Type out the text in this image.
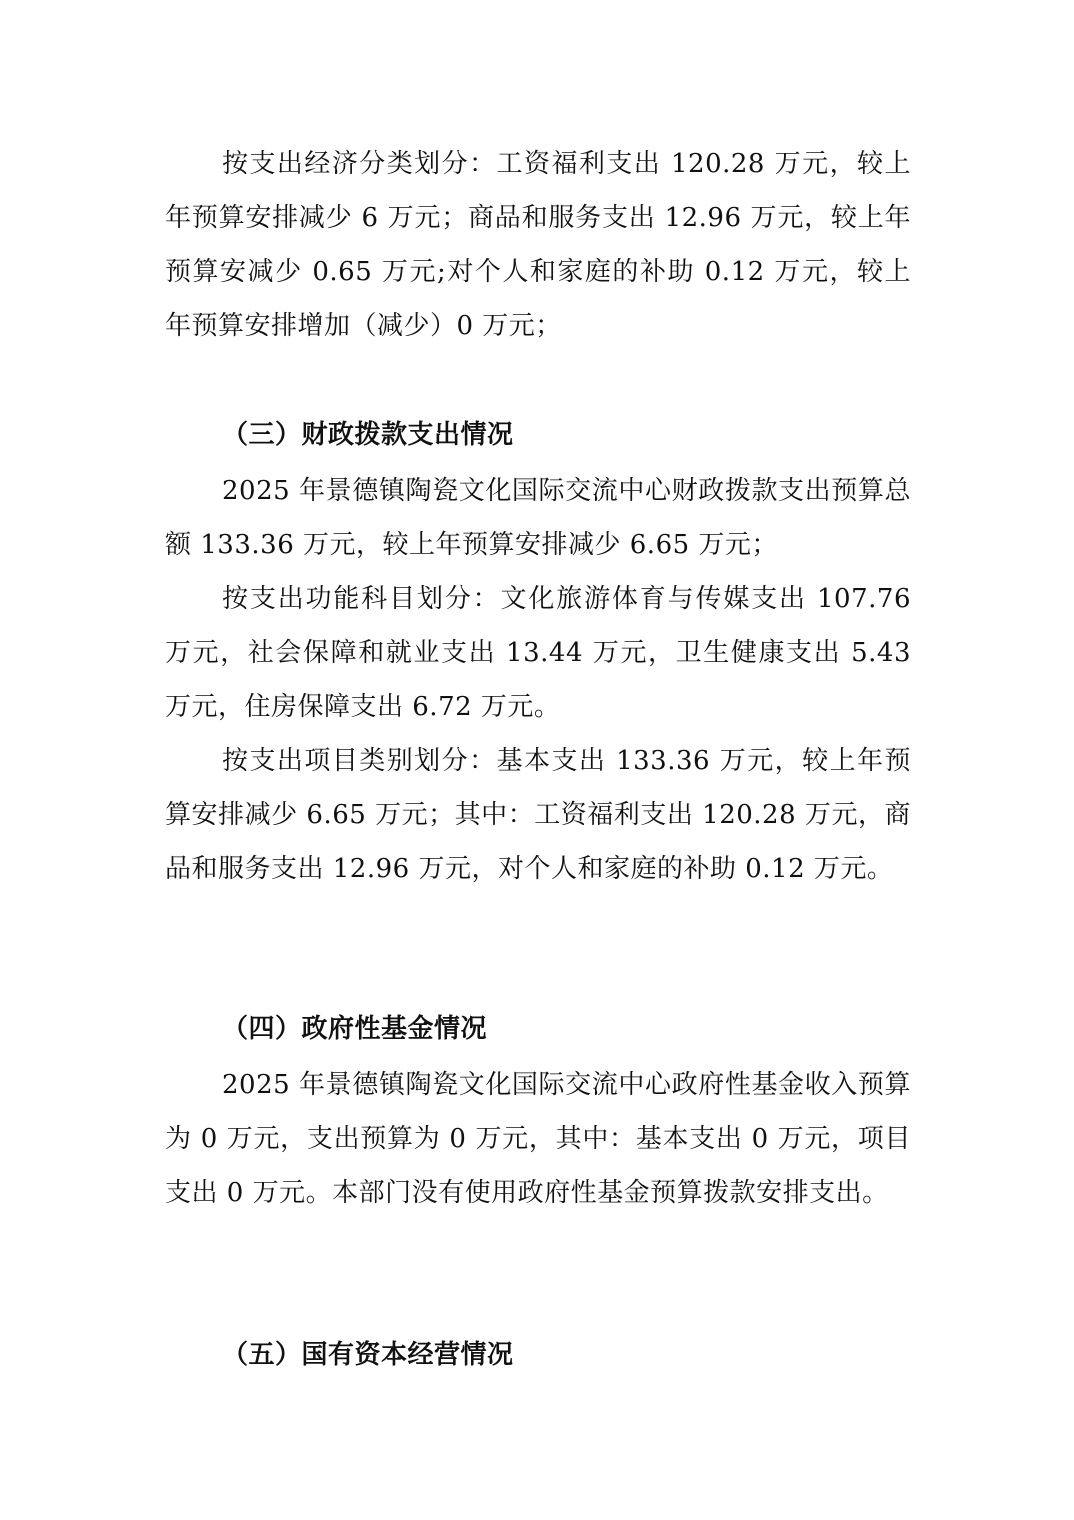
按支出经济分类划分：工资福利支出 120.28 万元，较上年预算安排减少 6 万元；商品和服务支出 12.96 万元，较上年预算安减少 0.65 万元;对个人和家庭的补助 0.12 万元，较上年预算安排增加（减少）0 万元；

（三）财政拨款支出情况

2025 年景德镇陶瓷文化国际交流中心财政拨款支出预算总额 133.36 万元，较上年预算安排减少 6.65 万元；

按支出功能科目划分：文化旅游体育与传媒支出 107.76 万元，社会保障和就业支出 13.44 万元，卫生健康支出 5.43 万元，住房保障支出 6.72 万元。

按支出项目类别划分：基本支出 133.36 万元，较上年预算安排减少 6.65 万元；其中：工资福利支出 120.28 万元，商品和服务支出 12.96 万元，对个人和家庭的补助 0.12 万元。

（四）政府性基金情况

2025 年景德镇陶瓷文化国际交流中心政府性基金收入预算为 0 万元，支出预算为 0 万元，其中：基本支出 0 万元，项目支出 0 万元。本部门没有使用政府性基金预算拨款安排支出。

（五）国有资本经营情况
